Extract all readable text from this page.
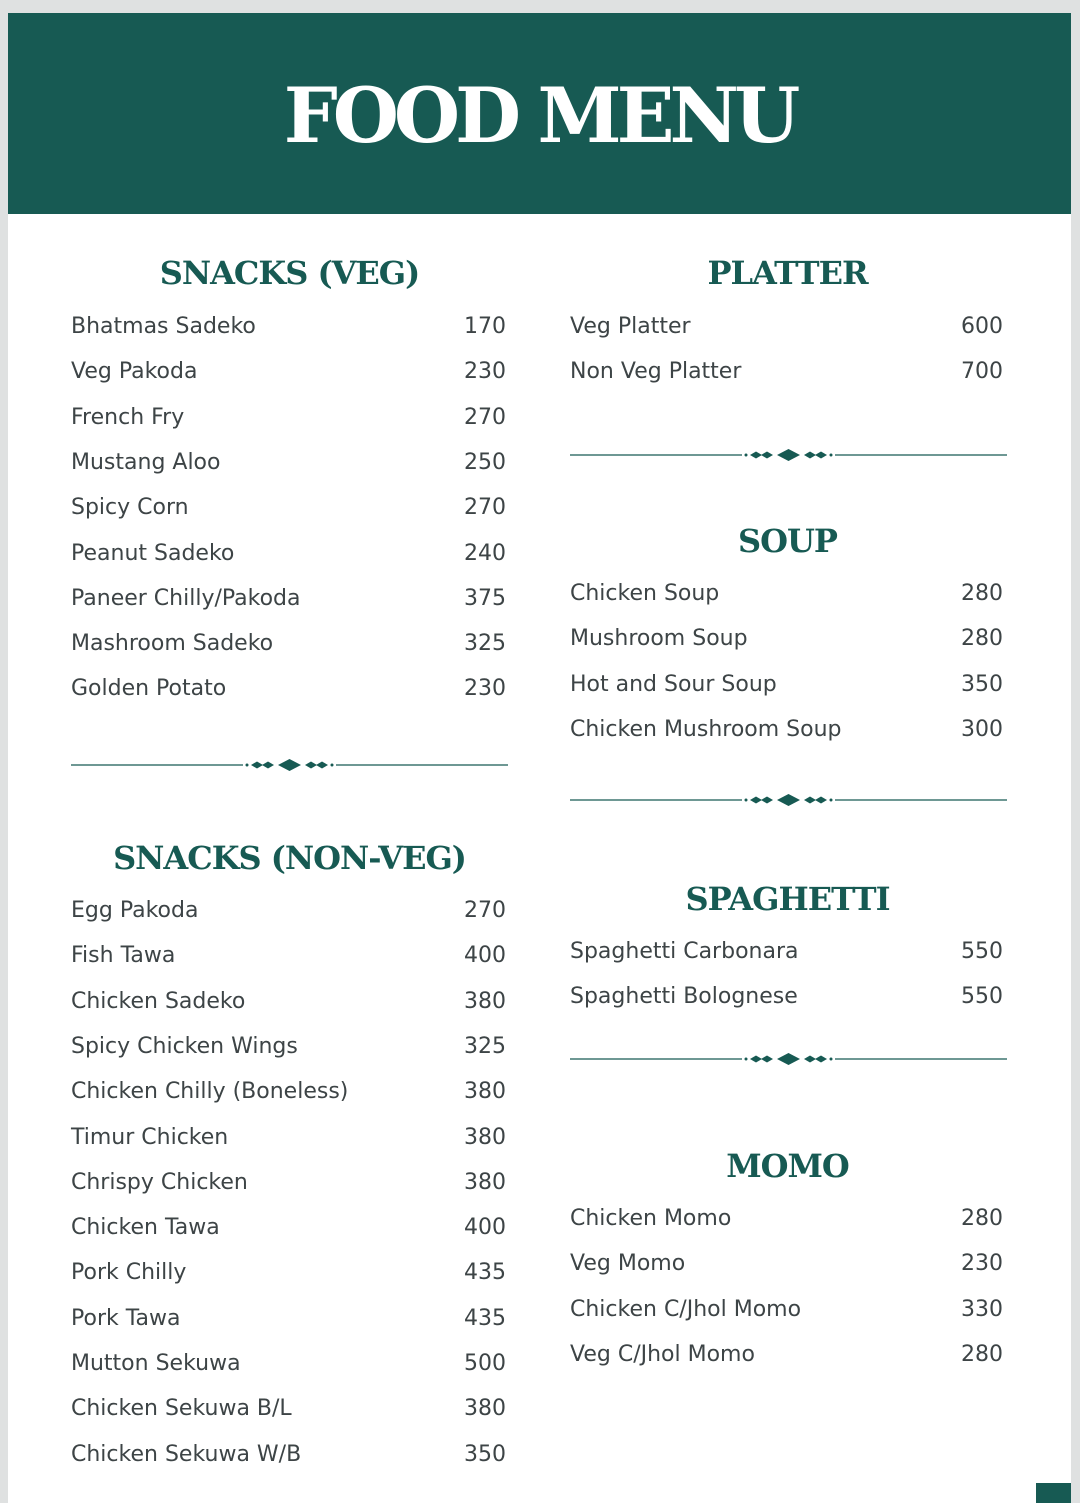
FOOD MENU
SNACKS (VEG)
Bhatmas Sadeko	170
Veg Pakoda	230
French Fry	270
Mustang Aloo	250
Spicy Corn	270
Peanut Sadeko	240
Paneer Chilly/Pakoda	375
Mashroom Sadeko	325
Golden Potato	230
SNACKS (NON-VEG)
Egg Pakoda	270
Fish Tawa	400
Chicken Sadeko	380
Spicy Chicken Wings	325
Chicken Chilly (Boneless)	380
Timur Chicken	380
Chrispy Chicken	380
Chicken Tawa	400
Pork Chilly	435
Pork Tawa	435
Mutton Sekuwa	500
Chicken Sekuwa B/L	380
Chicken Sekuwa W/B	350
PLATTER
Veg Platter	600
Non Veg Platter	700
SOUP
Chicken Soup	280
Mushroom Soup	280
Hot and Sour Soup	350
Chicken Mushroom Soup	300
SPAGHETTI
Spaghetti Carbonara	550
Spaghetti Bolognese	550
MOMO
Chicken Momo	280
Veg Momo	230
Chicken C/Jhol Momo	330
Veg C/Jhol Momo	280
